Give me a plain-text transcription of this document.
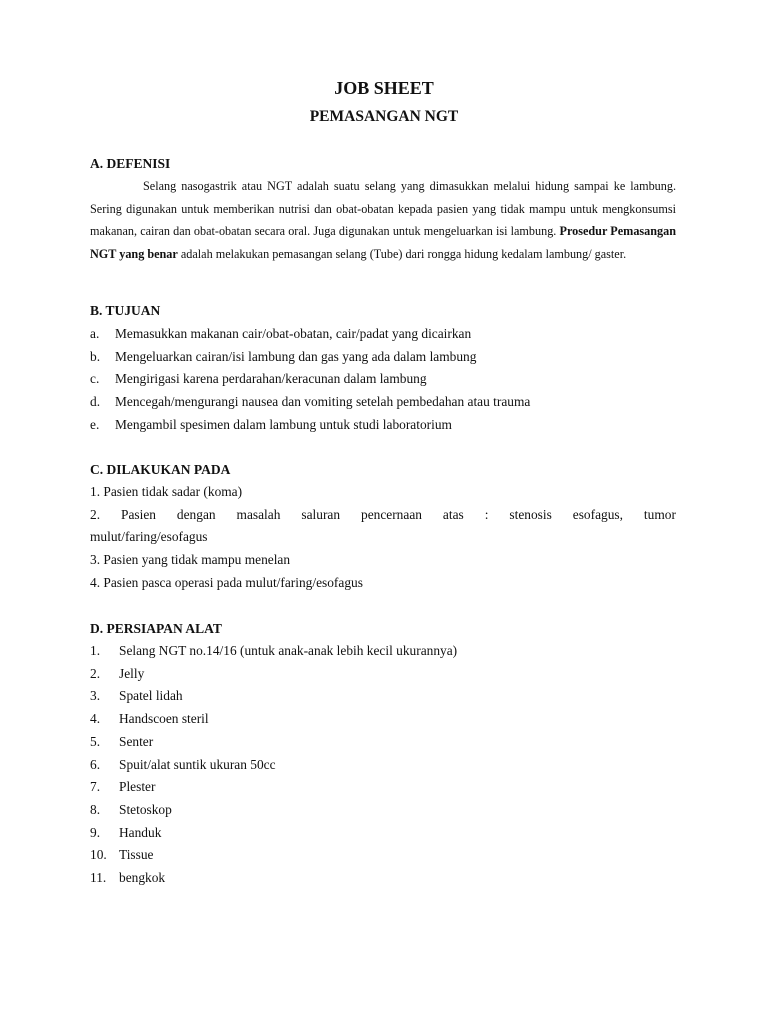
JOB SHEET
PEMASANGAN NGT
A. DEFENISI

Selang nasogastrik atau NGT adalah suatu selang yang dimasukkan melalui hidung sampai ke lambung. Sering digunakan untuk memberikan nutrisi dan obat-obatan kepada pasien yang tidak mampu untuk mengkonsumsi makanan, cairan dan obat-obatan secara oral. Juga digunakan untuk mengeluarkan isi lambung. Prosedur Pemasangan NGT yang benar adalah melakukan pemasangan selang (Tube) dari rongga hidung kedalam lambung/ gaster.

B. TUJUAN
a. Memasukkan makanan cair/obat-obatan, cair/padat yang dicairkan
b. Mengeluarkan cairan/isi lambung dan gas yang ada dalam lambung
c. Mengirigasi karena perdarahan/keracunan dalam lambung
d. Mencegah/mengurangi nausea dan vomiting setelah pembedahan atau trauma
e. Mengambil spesimen dalam lambung untuk studi laboratorium
C. DILAKUKAN PADA
1. Pasien tidak sadar (koma)
2. Pasien dengan masalah saluran pencernaan atas : stenosis esofagus, tumor
mulut/faring/esofagus
3. Pasien yang tidak mampu menelan
4. Pasien pasca operasi pada mulut/faring/esofagus
D. PERSIAPAN ALAT
1. Selang NGT no.14/16 (untuk anak-anak lebih kecil ukurannya)
2. Jelly
3. Spatel lidah
4. Handscoen steril
5. Senter
6. Spuit/alat suntik ukuran 50cc
7. Plester
8. Stetoskop
9. Handuk
10. Tissue
11. bengkok
